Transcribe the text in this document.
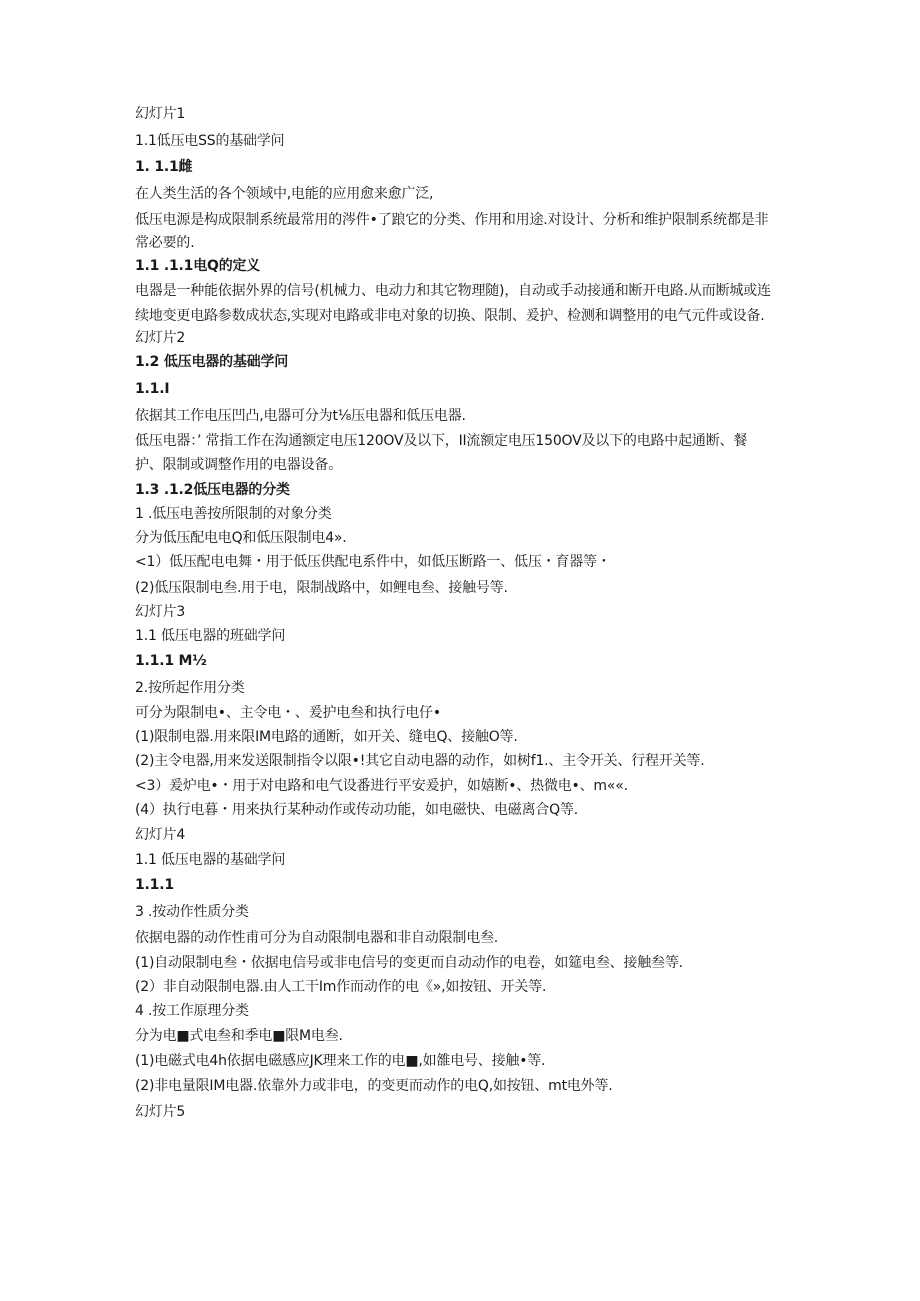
幻灯片1
1.1低压电SS的基础学问
1. 1.1雌
在人类生活的各个领域中,电能的应用愈来愈广泛,
低压电源是构成限制系统最常用的涔件•了踉它的分类、作用和用途.对设计、分析和维护限制系统都是非
常必要的.
1.1 .1.1电Q的定义
电器是一种能依据外界的信号(机械力、电动力和其它物理随)，自动或手动接通和断开电路.从而断城或连
续地变更电路参数成状态,实现对电路或非电对象的切换、限制、爰护、检测和调整用的电气元件或设备.
幻灯片2
1.2 低压电器的基础学问
1.1.I
依据其工作电压凹凸,电器可分为t⅛压电器和低压电器.
低压电器：’ 常指工作在沟通额定电压120OV及以下，II流额定电压150OV及以下的电路中起通断、餐
护、限制或调整作用的电器设备。
1.3 .1.2低压电器的分类
1 .低压电善按所限制的对象分类
分为低压配电电Q和低压限制电4».
<1）低压配电电舞・用于低压供配电系件中，如低压断路一、低压・育器等・
(2)低压限制电叁.用于电，限制战路中，如鲤电叁、接触号等.
幻灯片3
1.1 低压电器的班础学问
1.1.1 M½
2.按所起作用分类
可分为限制电•、主令电・、爰护电叁和执行电仔•
(1)限制电器.用来限IM电路的通断，如开关、缝电Q、接触O等.
(2)主令电器,用来发送限制指令以限•!其它自动电器的动作，如树f1.、主令开关、行程开关等.
<3）爰炉电•・用于对电路和电气设番进行平安爰护，如嬉断•、热微电•、m««.
(4）执行电暮・用来执行某种动作或传动功能，如电磁快、电磁离合Q等.
幻灯片4
1.1 低压电器的基础学问
1.1.1
3 .按动作性质分类
依据电器的动作性甫可分为自动限制电器和非自动限制电叁.
(1)自动限制电叁・依据电信号或非电信号的变更而自动动作的电卷，如筵电叁、接触叁等.
(2）非自动限制电器.由人工干Im作而动作的电《»,如按钮、开关等.
4 .按工作原理分类
分为电■式电叁和季电■限M电叁.
(1)电磁式电4h依据电磁感应JK理来工作的电■,如雒电号、接触•等.
(2)非电量限IM电器.依靠外力或非电，的变更而动作的电Q,如按钮、mt电外等.
幻灯片5
